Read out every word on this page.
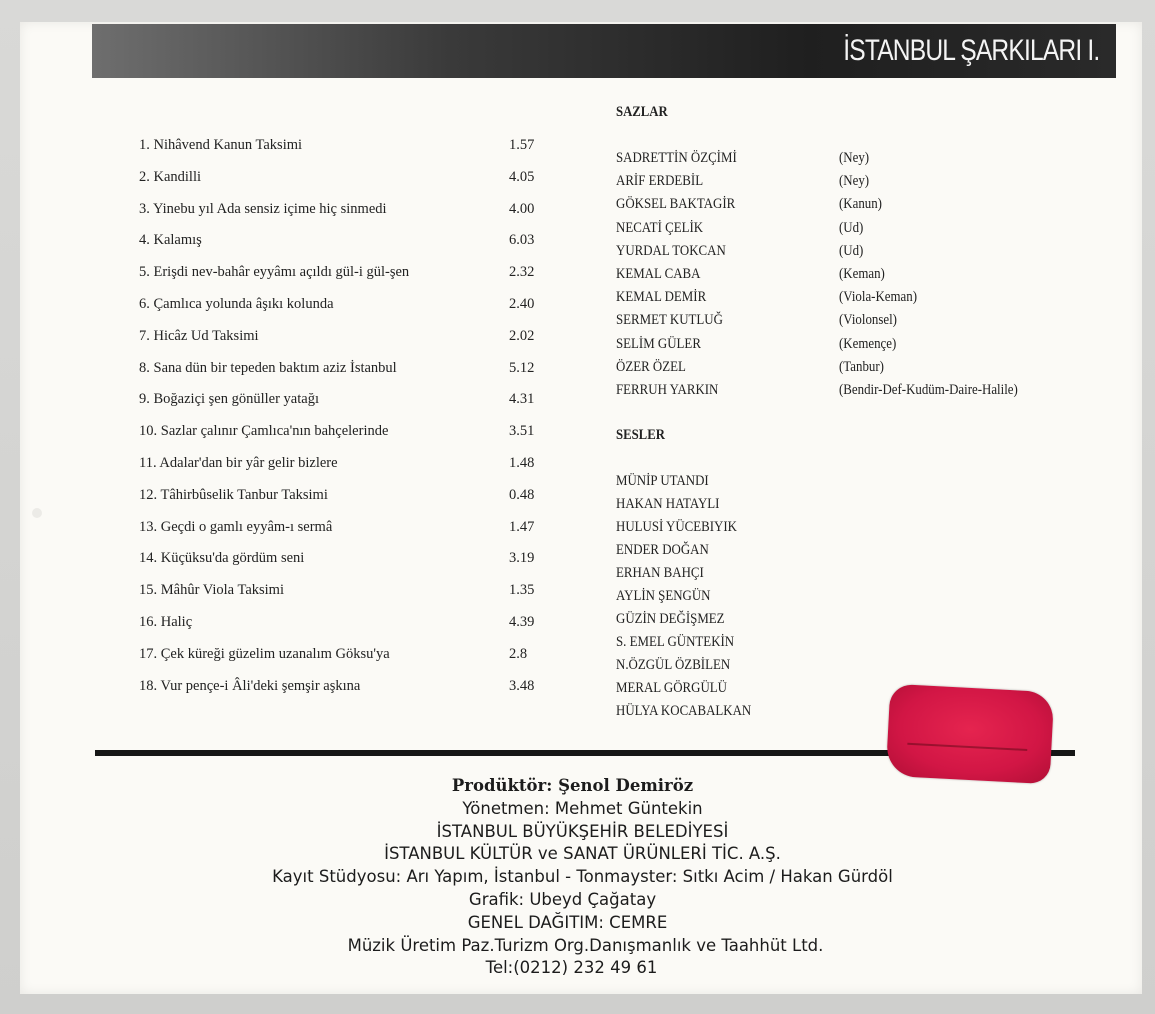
İSTANBUL ŞARKILARI I.
1. Nihâvend Kanun Taksimi	1.57
2. Kandilli	4.05
3. Yinebu yıl Ada sensiz içime hiç sinmedi	4.00
4. Kalamış	6.03
5. Erişdi nev-bahâr eyyâmı açıldı gül-i gül-şen	2.32
6. Çamlıca yolunda âşıkı kolunda	2.40
7. Hicâz Ud Taksimi	2.02
8. Sana dün bir tepeden baktım aziz İstanbul	5.12
9. Boğaziçi şen gönüller yatağı	4.31
10. Sazlar çalınır Çamlıca'nın bahçelerinde	3.51
11. Adalar'dan bir yâr gelir bizlere	1.48
12. Tâhirbûselik Tanbur Taksimi	0.48
13. Geçdi o gamlı eyyâm-ı sermâ	1.47
14. Küçüksu'da gördüm seni	3.19
15. Mâhûr Viola Taksimi	1.35
16. Haliç	4.39
17. Çek küreği güzelim uzanalım Göksu'ya	2.8
18. Vur pençe-i Âli'deki şemşir aşkına	3.48
SAZLAR
SADRETTİN ÖZÇİMİ	(Ney)
ARİF ERDEBİL	(Ney)
GÖKSEL BAKTAGİR	(Kanun)
NECATİ ÇELİK	(Ud)
YURDAL TOKCAN	(Ud)
KEMAL CABA	(Keman)
KEMAL DEMİR	(Viola-Keman)
SERMET KUTLUĞ	(Violonsel)
SELİM GÜLER	(Kemençe)
ÖZER ÖZEL	(Tanbur)
FERRUH YARKIN	(Bendir-Def-Kudüm-Daire-Halile)
SESLER
MÜNİP UTANDI
HAKAN HATAYLI
HULUSİ YÜCEBIYIK
ENDER DOĞAN
ERHAN BAHÇI
AYLİN ŞENGÜN
GÜZİN DEĞİŞMEZ
S. EMEL GÜNTEKİN
N.ÖZGÜL ÖZBİLEN
MERAL GÖRGÜLÜ
HÜLYA KOCABALKAN
Prodüktör: Şenol Demiröz
Yönetmen: Mehmet Güntekin
İSTANBUL BÜYÜKŞEHİR BELEDİYESİ
İSTANBUL KÜLTÜR ve SANAT ÜRÜNLERİ TİC. A.Ş.
Kayıt Stüdyosu: Arı Yapım, İstanbul - Tonmayster: Sıtkı Acim / Hakan Gürdöl
Grafik: Ubeyd Çağatay
GENEL DAĞITIM: CEMRE
Müzik Üretim Paz.Turizm Org.Danışmanlık ve Taahhüt Ltd.
Tel:(0212) 232 49 61
